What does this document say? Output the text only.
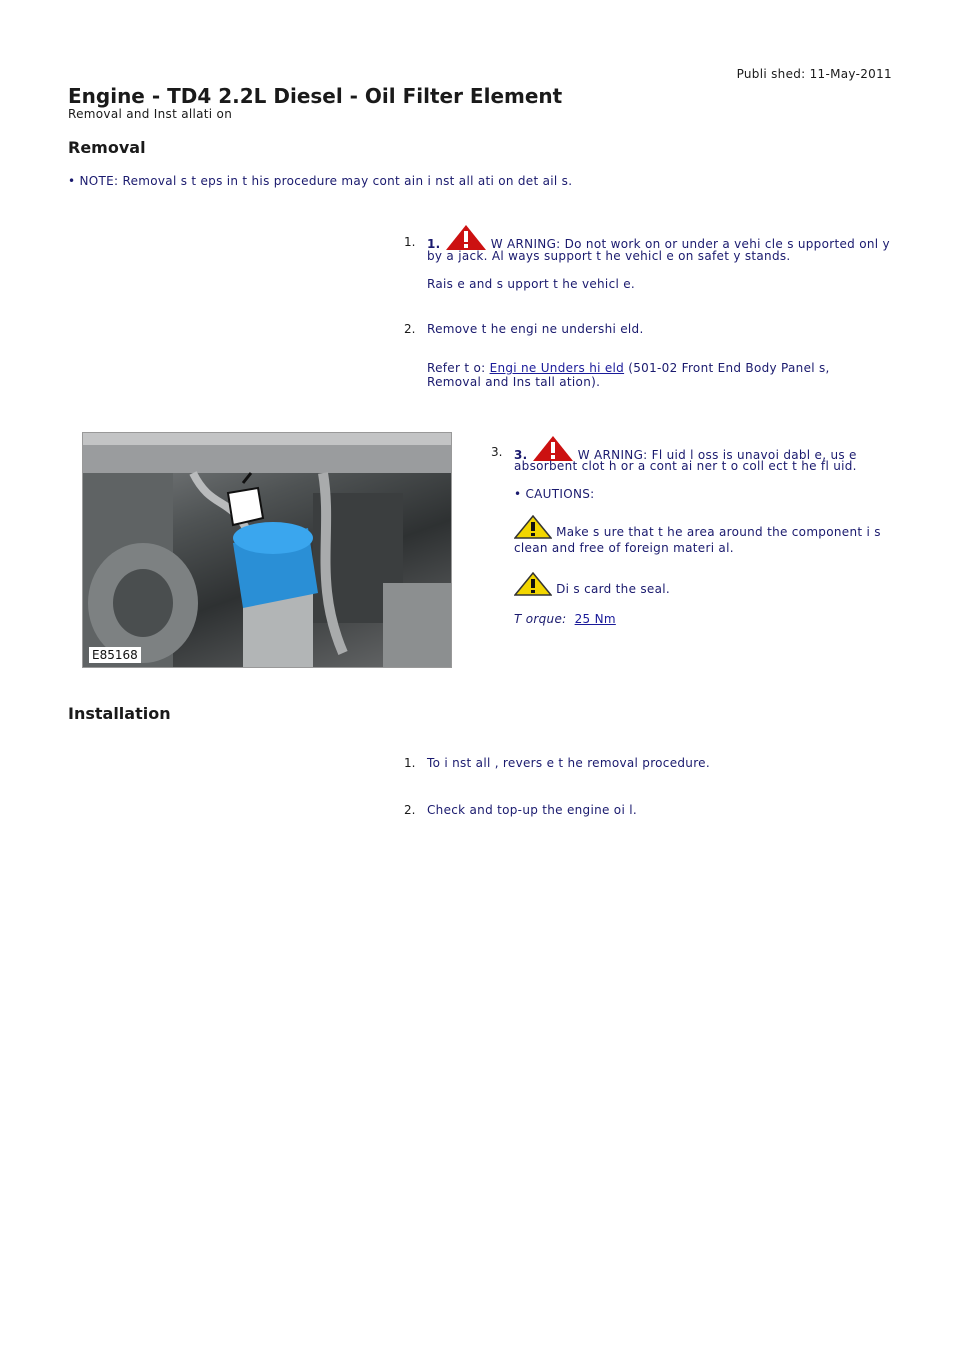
Publi shed: 11-May-2011
Engine - TD4 2.2L Diesel - Oil Filter Element
Removal and Inst allati on
Removal
• NOTE: Removal s t eps in t his procedure may cont ain i nst all ati on det ail s.
1. 1.	W ARNING: Do not work on or under a vehi cle s upported onl y
by a jack. Al ways support t he vehicl e on safet y stands.
Rais e and s upport t he vehicl e.
2. Remove t he engi ne undershi eld.
Refer t o: Engi ne Unders hi eld (501-02 Front End Body Panel s,
Removal and Ins tall ation).
E85168
3. 3.	W ARNING: Fl uid l oss is unavoi dabl e, us e
absorbent clot h or a cont ai ner t o coll ect t he fl uid.
• CAUTIONS:
Make s ure that t he area around the component i s
clean and free of foreign materi al.
Di s card the seal.
T orque: 25 Nm
Installation
1. To i nst all , revers e t he removal procedure.
2. Check and top-up the engine oi l.
